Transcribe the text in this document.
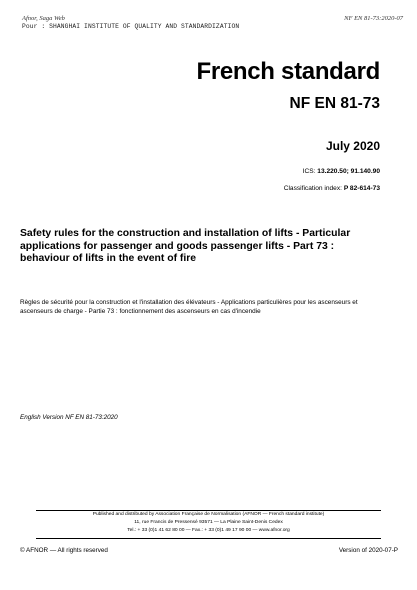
Afnor, Saga Web
Pour : SHANGHAI INSTITUTE OF QUALITY AND STANDARDIZATION
NF EN 81-73:2020-07
French standard
NF EN 81-73
July 2020
ICS: 13.220.50; 91.140.90
Classification index: P 82-614-73
Safety rules for the construction and installation of lifts - Particular applications for passenger and goods passenger lifts - Part 73 : behaviour of lifts in the event of fire
Règles de sécurité pour la construction et l'installation des élévateurs - Applications particulières pour les ascenseurs et ascenseurs de charge - Partie 73 : fonctionnement des ascenseurs en cas d'incendie
English Version NF EN 81-73:2020
Published and distributed by Association Française de Normalisation (AFNOR — French standard institute)
11, rue Francis de Pressensé 93571 — La Plaine Saint-Denis Cedex
Tel.: + 33 (0)1 41 62 80 00 — Fax.: + 33 (0)1 49 17 90 00 — www.afnor.org
© AFNOR — All rights reserved	Version of 2020-07-P
